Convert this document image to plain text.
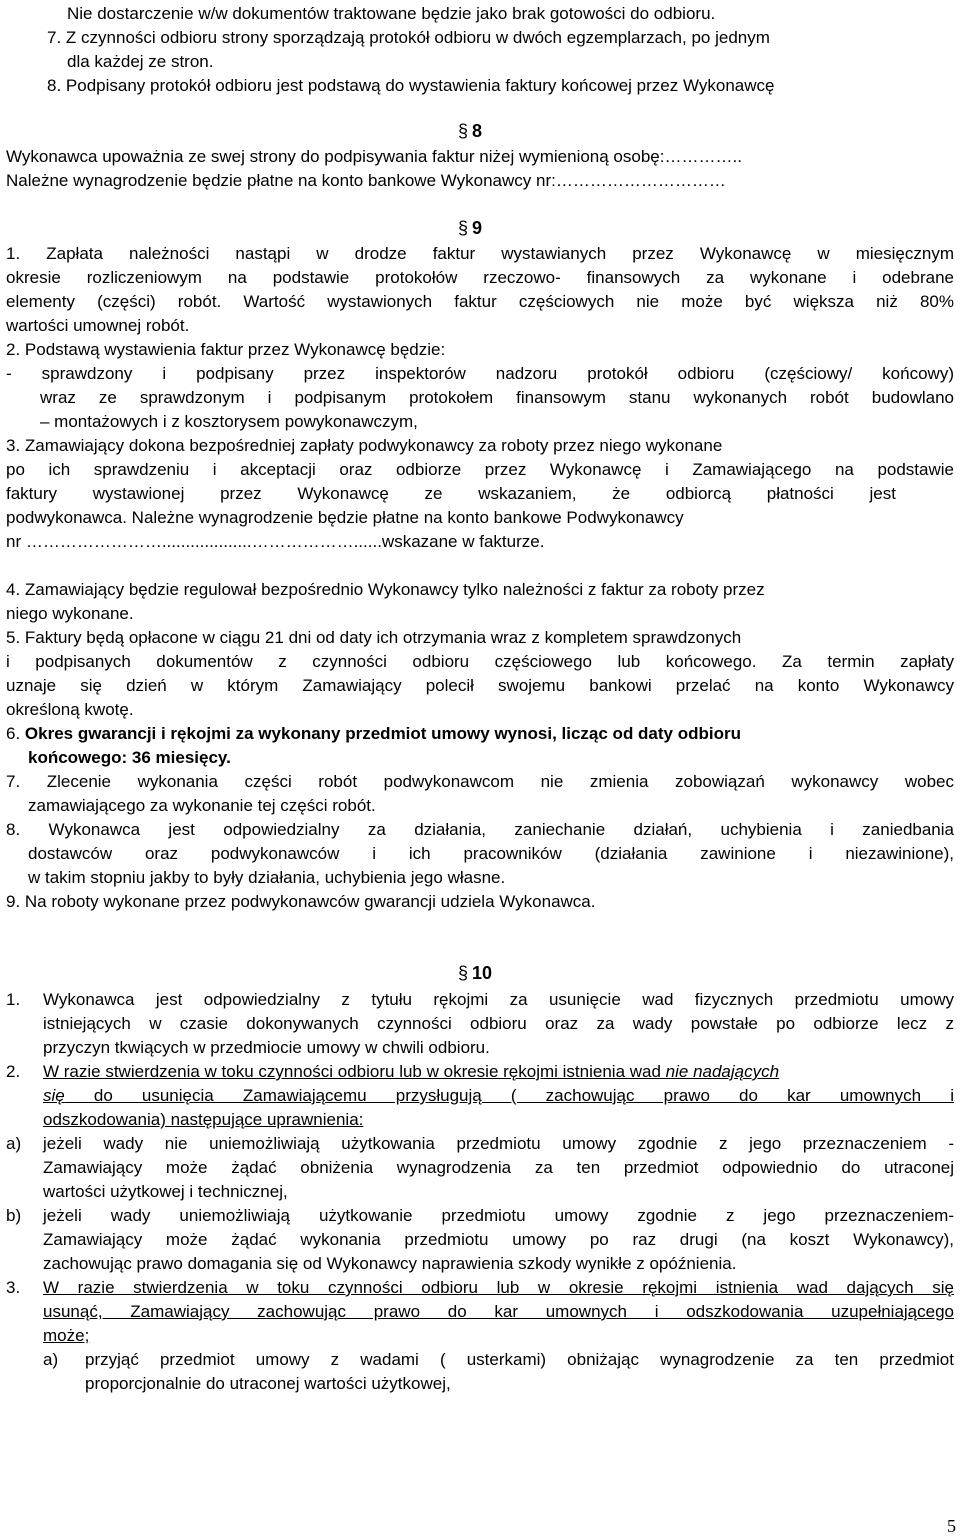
Nie dostarczenie w/w dokumentów traktowane będzie jako brak gotowości do odbioru.
7. Z czynności odbioru strony sporządzają protokół odbioru w dwóch egzemplarzach, po jednym
dla każdej ze stron.
8. Podpisany protokół odbioru jest podstawą do wystawienia faktury końcowej przez Wykonawcę
§ 8
Wykonawca upoważnia ze swej strony do podpisywania faktur niżej wymienioną osobę:…………..
Należne wynagrodzenie będzie płatne na konto bankowe Wykonawcy nr:…………………………
§ 9
1. Zapłata należności nastąpi w drodze faktur wystawianych przez Wykonawcę w miesięcznym
okresie rozliczeniowym na podstawie protokołów rzeczowo- finansowych za wykonane i odebrane
elementy (części) robót. Wartość wystawionych faktur częściowych nie może być większa niż 80%
wartości umownej robót.
2. Podstawą wystawienia faktur przez Wykonawcę będzie:
- sprawdzony i podpisany przez inspektorów nadzoru protokół odbioru (częściowy/ końcowy)
wraz ze sprawdzonym i podpisanym protokołem finansowym stanu wykonanych robót budowlano
– montażowych i z kosztorysem powykonawczym,
3. Zamawiający dokona bezpośredniej zapłaty podwykonawcy za roboty przez niego wykonane
po ich sprawdzeniu i akceptacji oraz odbiorze przez Wykonawcę i Zamawiającego na podstawie
faktury wystawionej przez Wykonawcę ze wskazaniem, że odbiorcą płatności jest
podwykonawca. Należne wynagrodzenie będzie płatne na konto bankowe Podwykonawcy
nr ……………………...................………………......wskazane w fakturze.
4. Zamawiający będzie regulował bezpośrednio Wykonawcy tylko należności z faktur za roboty przez
niego wykonane.
5. Faktury będą opłacone w ciągu 21 dni od daty ich otrzymania wraz z kompletem sprawdzonych
i podpisanych dokumentów z czynności odbioru częściowego lub końcowego. Za termin zapłaty
uznaje się dzień w którym Zamawiający polecił swojemu bankowi przelać na konto Wykonawcy
określoną kwotę.
6. Okres gwarancji i rękojmi za wykonany przedmiot umowy wynosi, licząc od daty odbioru
końcowego: 36 miesięcy.
7. Zlecenie wykonania części robót podwykonawcom nie zmienia zobowiązań wykonawcy wobec
zamawiającego za wykonanie tej części robót.
8. Wykonawca jest odpowiedzialny za działania, zaniechanie działań, uchybienia i zaniedbania
dostawców oraz podwykonawców i ich pracowników (działania zawinione i niezawinione),
w takim stopniu jakby to były działania, uchybienia jego własne.
9. Na roboty wykonane przez podwykonawców gwarancji udziela Wykonawca.
§ 10
1. Wykonawca jest odpowiedzialny z tytułu rękojmi za usunięcie wad fizycznych przedmiotu umowy
istniejących w czasie dokonywanych czynności odbioru oraz za wady powstałe po odbiorze lecz z
przyczyn tkwiących w przedmiocie umowy w chwili odbioru.
2. W razie stwierdzenia w toku czynności odbioru lub w okresie rękojmi istnienia wad nie nadających
się do usunięcia Zamawiającemu przysługują ( zachowując prawo do kar umownych i
odszkodowania) następujące uprawnienia:
a) jeżeli wady nie uniemożliwiają użytkowania przedmiotu umowy zgodnie z jego przeznaczeniem -
Zamawiający może żądać obniżenia wynagrodzenia za ten przedmiot odpowiednio do utraconej
wartości użytkowej i technicznej,
b) jeżeli wady uniemożliwiają użytkowanie przedmiotu umowy zgodnie z jego przeznaczeniem-
Zamawiający może żądać wykonania przedmiotu umowy po raz drugi (na koszt Wykonawcy),
zachowując prawo domagania się od Wykonawcy naprawienia szkody wynikłe z opóźnienia.
3. W razie stwierdzenia w toku czynności odbioru lub w okresie rękojmi istnienia wad dających się
usunąć, Zamawiający zachowując prawo do kar umownych i odszkodowania uzupełniającego
może;
a) przyjąć przedmiot umowy z wadami ( usterkami) obniżając wynagrodzenie za ten przedmiot
proporcjonalnie do utraconej wartości użytkowej,
5
